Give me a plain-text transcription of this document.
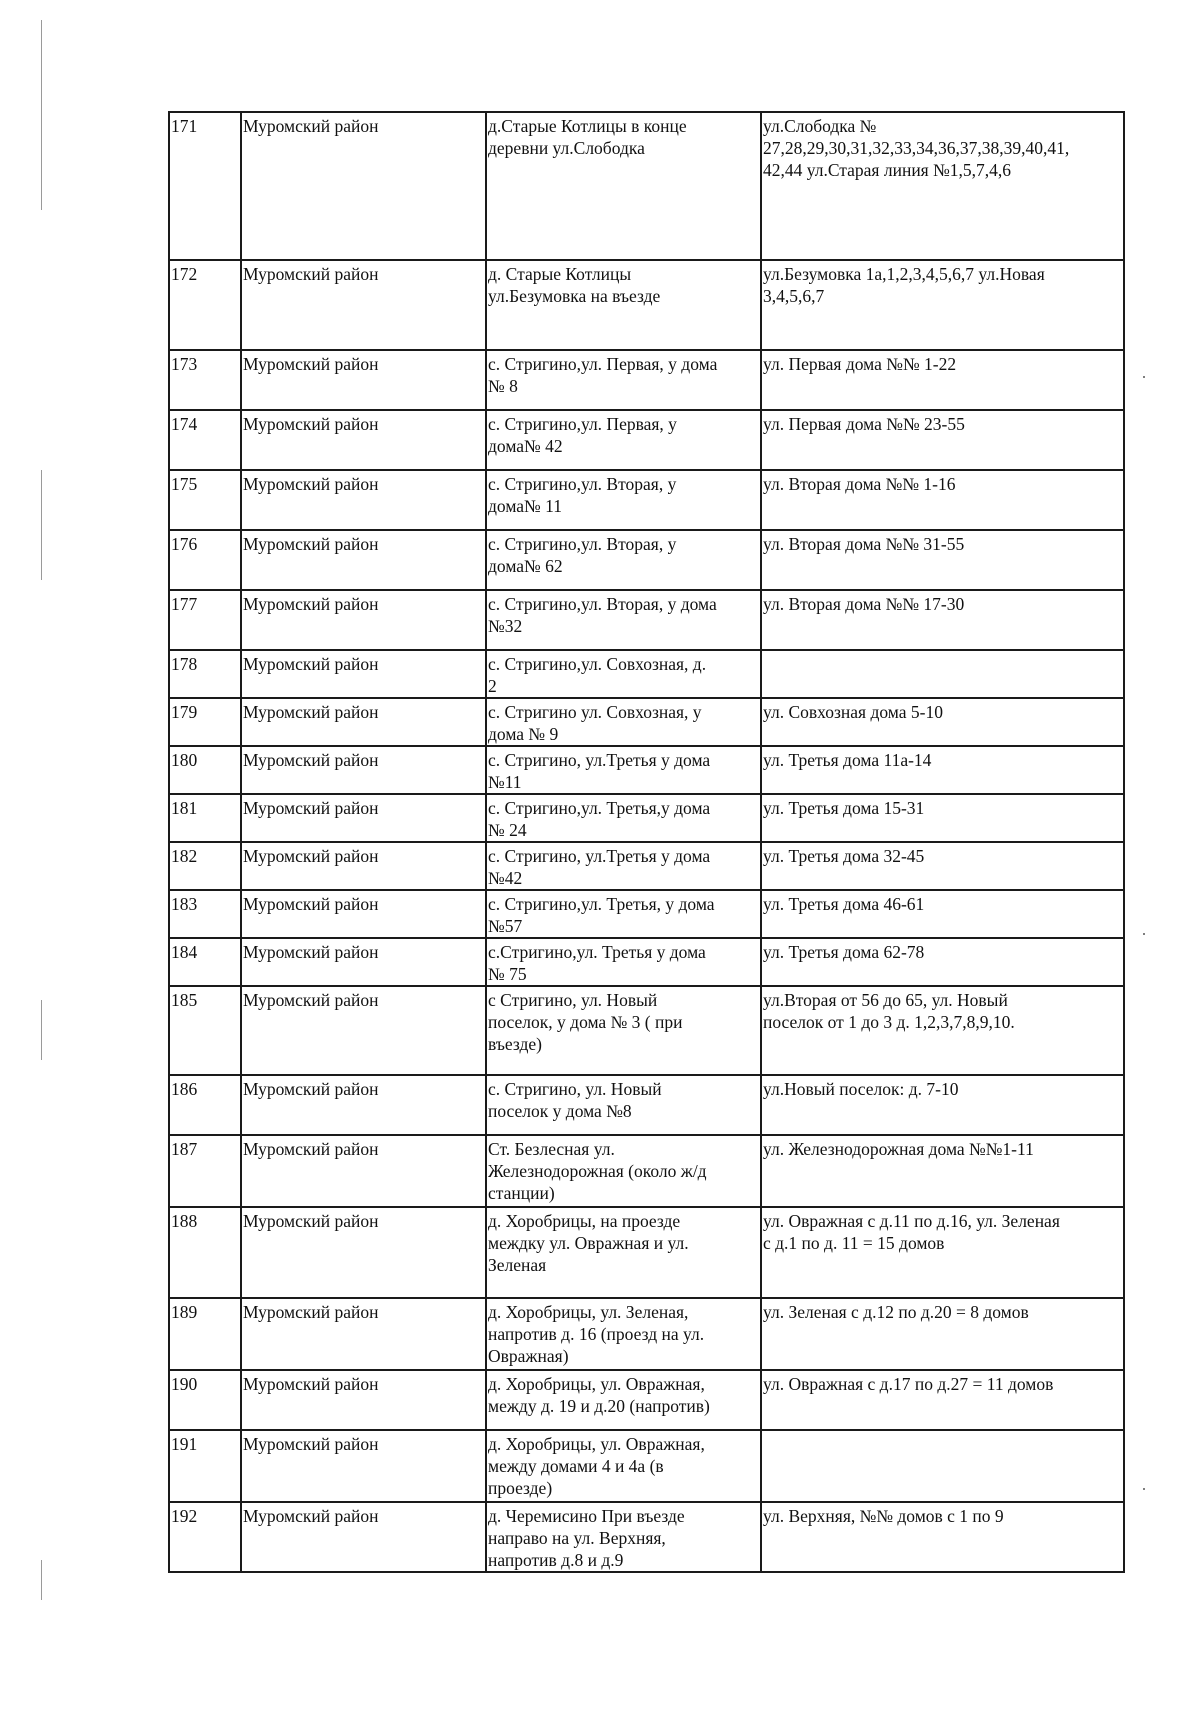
171	Муромский район	д.Старые Котлицы в конце
деревни ул.Слободка	ул.Слободка №
27,28,29,30,31,32,33,34,36,37,38,39,40,41,
42,44 ул.Старая линия №1,5,7,4,6

172	Муромский район	д. Старые Котлицы
ул.Безумовка на въезде	ул.Безумовка 1а,1,2,3,4,5,6,7 ул.Новая
3,4,5,6,7

173	Муромский район	с. Стригино,ул. Первая, у дома
№ 8	ул. Первая дома №№ 1-22

174	Муромский район	с. Стригино,ул. Первая, у
дома№ 42	ул. Первая дома №№ 23-55

175	Муромский район	с. Стригино,ул. Вторая, у
дома№ 11	ул. Вторая дома №№ 1-16

176	Муромский район	с. Стригино,ул. Вторая, у
дома№ 62	ул. Вторая дома №№ 31-55

177	Муромский район	с. Стригино,ул. Вторая, у дома
№32	ул. Вторая дома №№ 17-30

178	Муромский район	с. Стригино,ул. Совхозная, д.
2	

179	Муромский район	с. Стригино ул. Совхозная, у
дома № 9	ул. Совхозная дома 5-10

180	Муромский район	с. Стригино, ул.Третья у дома
№11	ул. Третья дома 11а-14

181	Муромский район	с. Стригино,ул. Третья,у дома
№ 24	ул. Третья дома 15-31

182	Муромский район	с. Стригино, ул.Третья у дома
№42	ул. Третья дома 32-45

183	Муромский район	с. Стригино,ул. Третья, у дома
№57	ул. Третья дома 46-61

184	Муромский район	с.Стригино,ул. Третья у дома
№ 75	ул. Третья дома 62-78

185	Муромский район	с Стригино, ул. Новый
поселок, у дома № 3 ( при
въезде)	ул.Вторая от 56 до 65, ул. Новый
поселок от 1 до 3 д. 1,2,3,7,8,9,10.

186	Муромский район	с. Стригино, ул. Новый
поселок у дома №8	ул.Новый поселок: д. 7-10

187	Муромский район	Ст. Безлесная ул.
Железнодорожная (около ж/д
станции)	ул. Железнодорожная дома №№1-11

188	Муромский район	д. Хоробрицы, на проезде
междку ул. Овражная и ул.
Зеленая	ул. Овражная с д.11 по д.16, ул. Зеленая
с д.1 по д. 11 = 15 домов

189	Муромский район	д. Хоробрицы, ул. Зеленая,
напротив д. 16 (проезд на ул.
Овражная)	ул. Зеленая с д.12 по д.20 = 8 домов

190	Муромский район	д. Хоробрицы, ул. Овражная,
между д. 19 и д.20 (напротив)	ул. Овражная с д.17 по д.27 = 11 домов

191	Муромский район	д. Хоробрицы, ул. Овражная,
между домами 4 и 4а (в
проезде)	

192	Муромский район	д. Черемисино При въезде
направо на ул. Верхняя,
напротив д.8 и д.9	ул. Верхняя, №№ домов с 1 по 9
